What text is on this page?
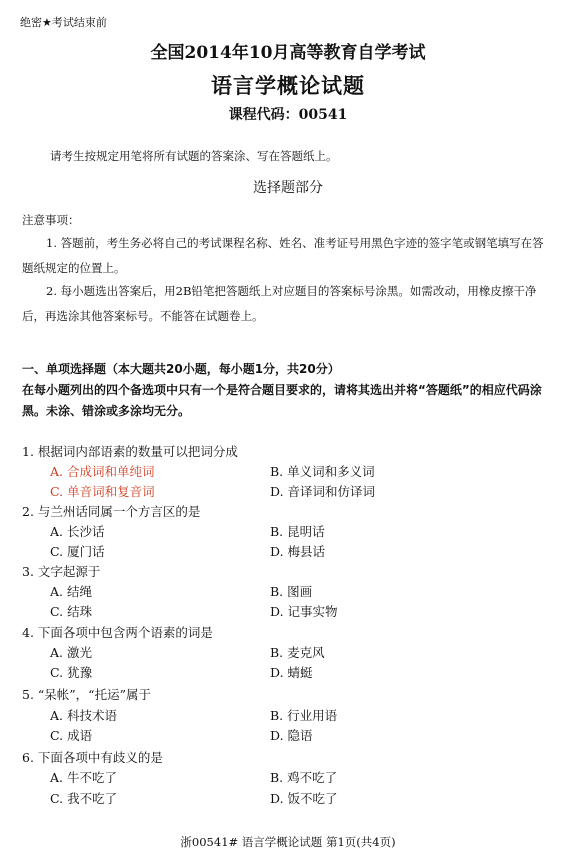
绝密★考试结束前
全国2014年10月高等教育自学考试
语言学概论试题
课程代码：00541
请考生按规定用笔将所有试题的答案涂、写在答题纸上。
选择题部分
注意事项：
1. 答题前，考生务必将自己的考试课程名称、姓名、准考证号用黑色字迹的签字笔或钢笔填写在答题纸规定的位置上。
2. 每小题选出答案后，用2B铅笔把答题纸上对应题目的答案标号涂黑。如需改动，用橡皮擦干净后，再选涂其他答案标号。不能答在试题卷上。
一、单项选择题（本大题共20小题，每小题1分，共20分）
在每小题列出的四个备选项中只有一个是符合题目要求的，请将其选出并将“答题纸”的相应代码涂黑。未涂、错涂或多涂均无分。
1. 根据词内部语素的数量可以把词分成
A. 合成词和单纯词	B. 单义词和多义词
C. 单音词和复音词	D. 音译词和仿译词
2. 与兰州话同属一个方言区的是
A. 长沙话	B. 昆明话
C. 厦门话	D. 梅县话
3. 文字起源于
A. 结绳	B. 图画
C. 结珠	D. 记事实物
4. 下面各项中包含两个语素的词是
A. 激光	B. 麦克风
C. 犹豫	D. 蜻蜓
5. “呆帐”，“托运”属于
A. 科技术语	B. 行业用语
C. 成语	D. 隐语
6. 下面各项中有歧义的是
A. 牛不吃了	B. 鸡不吃了
C. 我不吃了	D. 饭不吃了
浙00541# 语言学概论试题 第1页(共4页)
